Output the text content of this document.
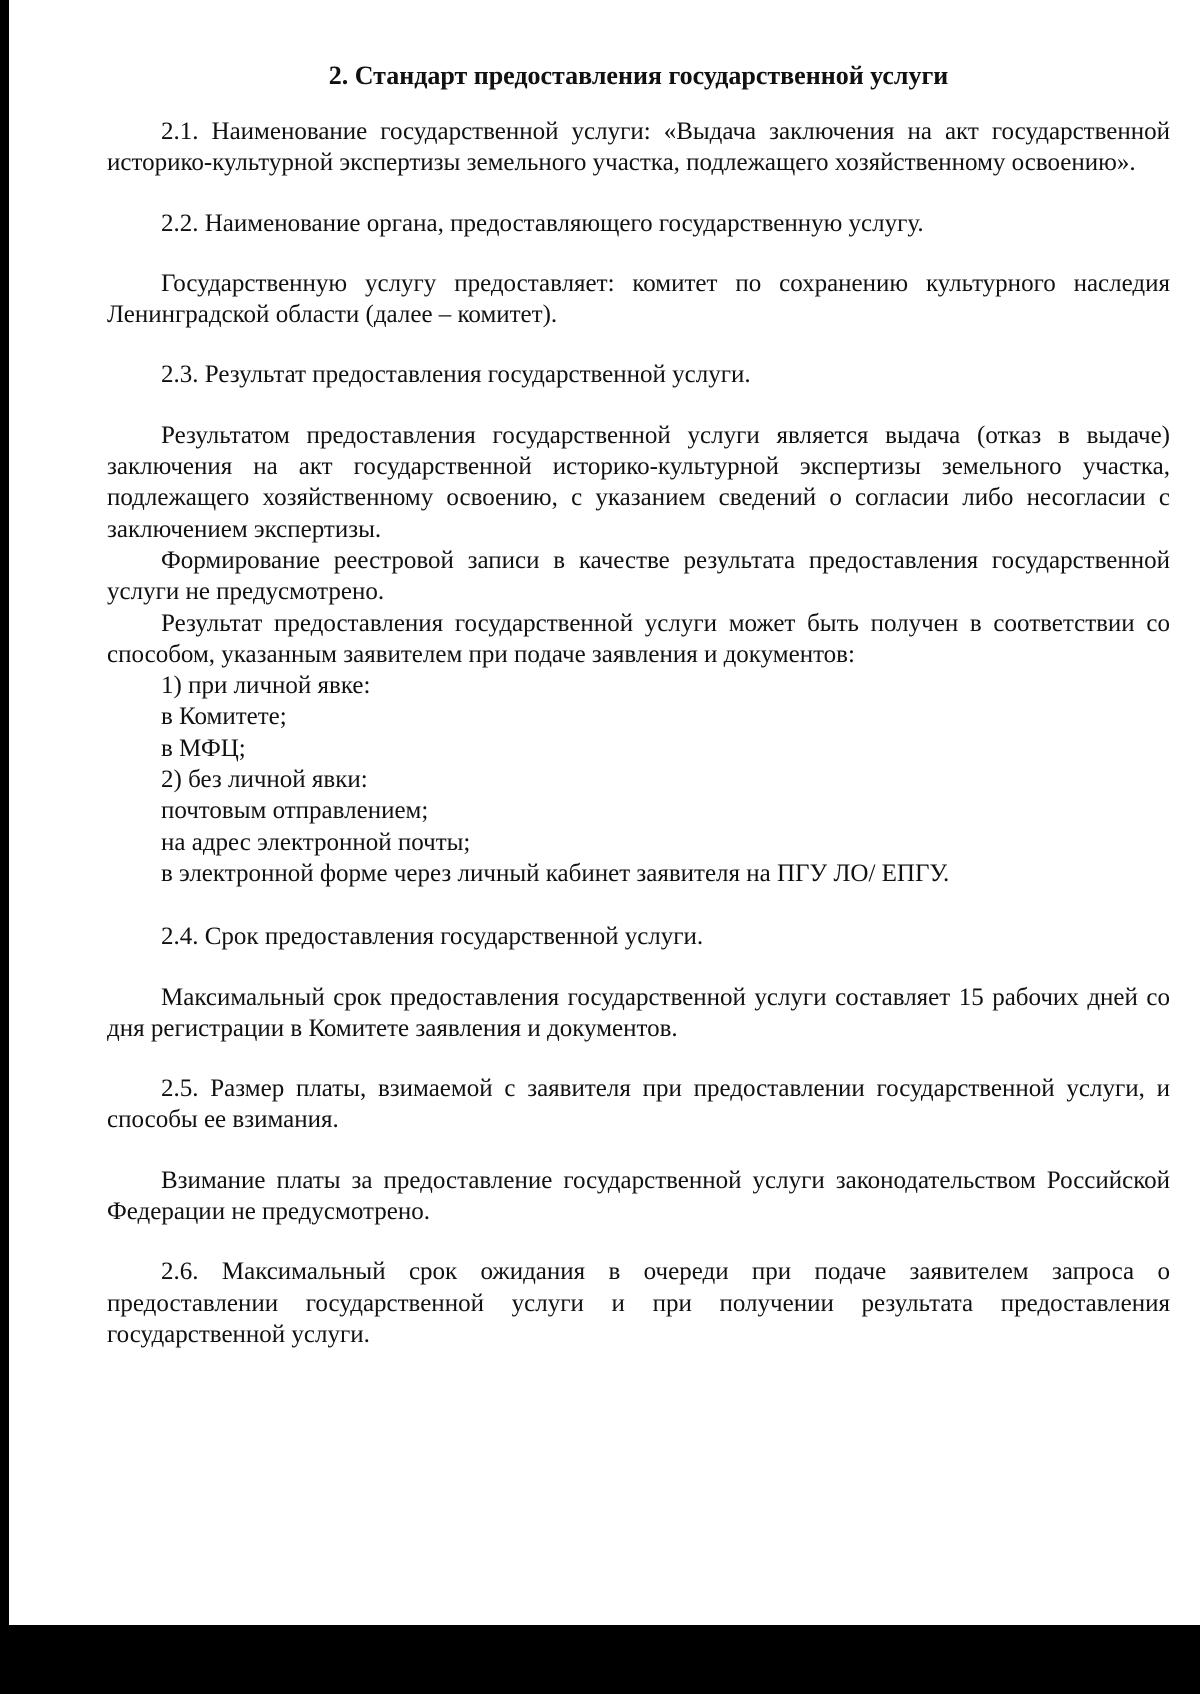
2. Стандарт предоставления государственной услуги

2.1. Наименование государственной услуги: «Выдача заключения на акт государственной историко-культурной экспертизы земельного участка, подлежащего хозяйственному освоению».

2.2. Наименование органа, предоставляющего государственную услугу.

Государственную услугу предоставляет: комитет по сохранению культурного наследия Ленинградской области (далее – комитет).

2.3. Результат предоставления государственной услуги.

Результатом предоставления государственной услуги является выдача (отказ в выдаче) заключения на акт государственной историко-культурной экспертизы земельного участка, подлежащего хозяйственному освоению, с указанием сведений о согласии либо несогласии с заключением экспертизы.

Формирование реестровой записи в качестве результата предоставления государственной услуги не предусмотрено.

Результат предоставления государственной услуги может быть получен в соответствии со способом, указанным заявителем при подаче заявления и документов:

1) при личной явке:

в Комитете;

в МФЦ;

2) без личной явки:

почтовым отправлением;

на адрес электронной почты;

в электронной форме через личный кабинет заявителя на ПГУ ЛО/ ЕПГУ.

2.4. Срок предоставления государственной услуги.

Максимальный срок предоставления государственной услуги составляет 15 рабочих дней со дня регистрации в Комитете заявления и документов.

2.5. Размер платы, взимаемой с заявителя при предоставлении государственной услуги, и способы ее взимания.

Взимание платы за предоставление государственной услуги законодательством Российской Федерации не предусмотрено.

2.6. Максимальный срок ожидания в очереди при подаче заявителем запроса о предоставлении государственной услуги и при получении результата предоставления государственной услуги.
